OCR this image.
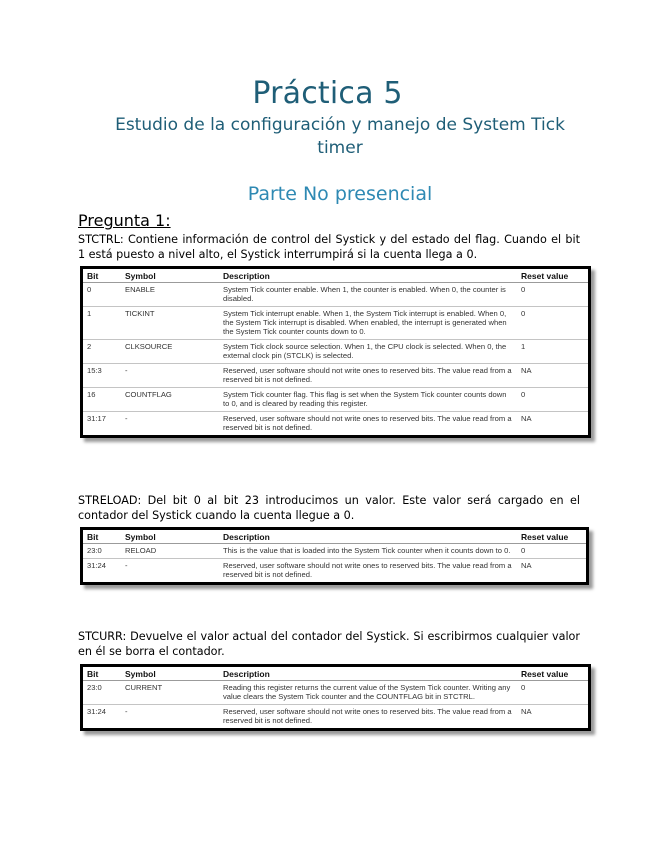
Práctica 5
Estudio de la configuración y manejo de System Tick timer
Parte No presencial
Pregunta 1:
STCTRL: Contiene información de control del Systick y del estado del flag. Cuando el bit 1 está puesto a nivel alto, el Systick interrumpirá si la cuenta llega a 0.
Bit	Symbol	Description	Reset value
0	ENABLE	System Tick counter enable. When 1, the counter is enabled. When 0, the counter is disabled.	0
1	TICKINT	System Tick interrupt enable. When 1, the System Tick interrupt is enabled. When 0, the System Tick interrupt is disabled. When enabled, the interrupt is generated when the System Tick counter counts down to 0.	0
2	CLKSOURCE	System Tick clock source selection. When 1, the CPU clock is selected. When 0, the external clock pin (STCLK) is selected.	1
15:3	-	Reserved, user software should not write ones to reserved bits. The value read from a reserved bit is not defined.	NA
16	COUNTFLAG	System Tick counter flag. This flag is set when the System Tick counter counts down to 0, and is cleared by reading this register.	0
31:17	-	Reserved, user software should not write ones to reserved bits. The value read from a reserved bit is not defined.	NA
STRELOAD: Del bit 0 al bit 23 introducimos un valor. Este valor será cargado en el contador del Systick cuando la cuenta llegue a 0.
Bit	Symbol	Description	Reset value
23:0	RELOAD	This is the value that is loaded into the System Tick counter when it counts down to 0.	0
31:24	-	Reserved, user software should not write ones to reserved bits. The value read from a reserved bit is not defined.	NA
STCURR: Devuelve el valor actual del contador del Systick. Si escribirmos cualquier valor en él se borra el contador.
Bit	Symbol	Description	Reset value
23:0	CURRENT	Reading this register returns the current value of the System Tick counter. Writing any value clears the System Tick counter and the COUNTFLAG bit in STCTRL.	0
31:24	-	Reserved, user software should not write ones to reserved bits. The value read from a reserved bit is not defined.	NA
